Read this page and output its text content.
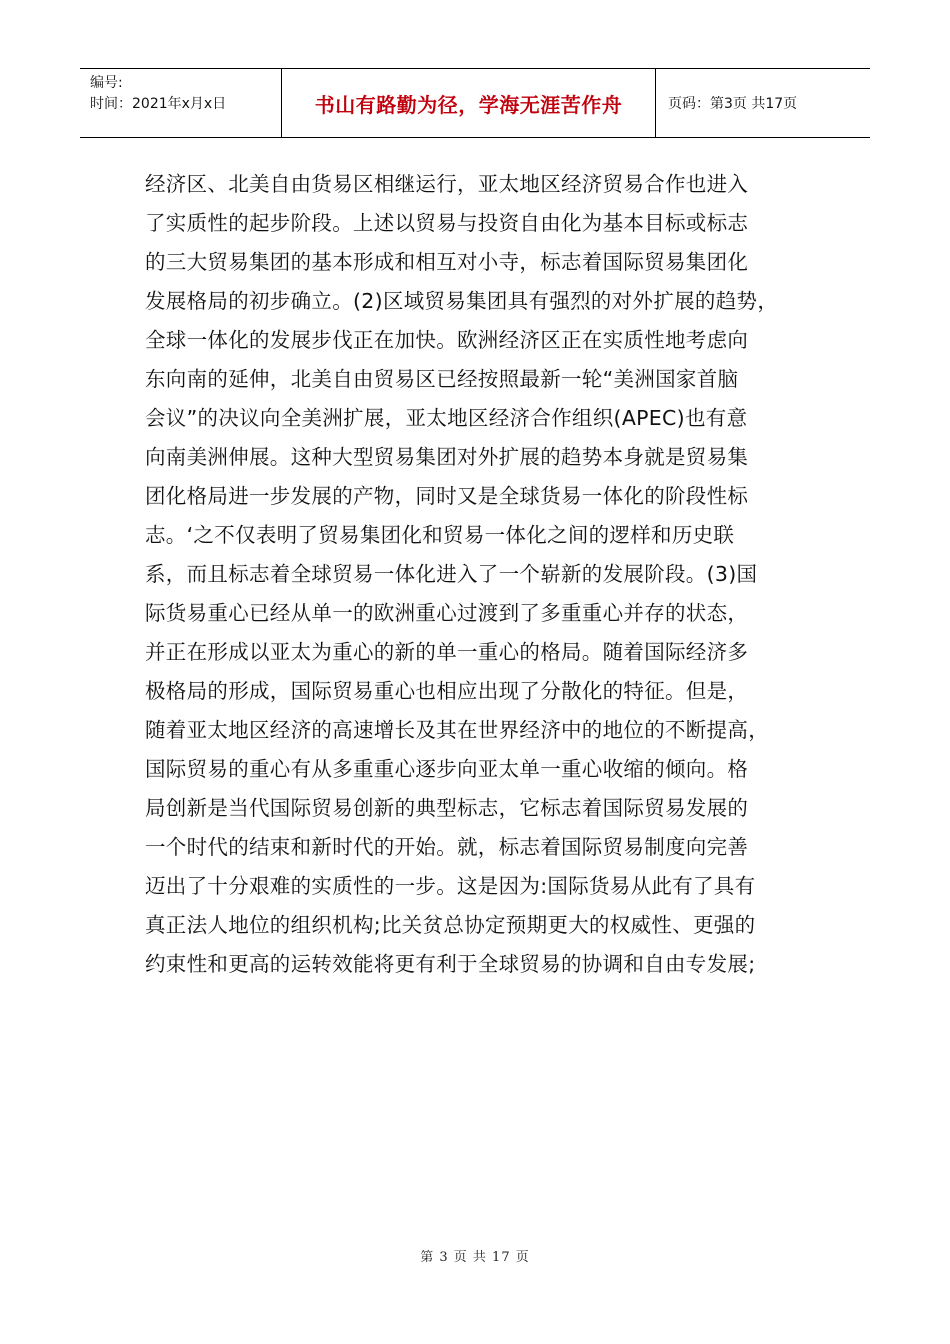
编号:
时间：2021年x月x日	书山有路勤为径，学海无涯苦作舟	页码：第3页 共17页
经济区、北美自由货易区相继运行，亚太地区经济贸易合作也进入
了实质性的起步阶段。上述以贸易与投资自由化为基本目标或标志
的三大贸易集团的基本形成和相互对小寺，标志着国际贸易集团化
发展格局的初步确立。(2)区域贸易集团具有强烈的对外扩展的趋势，
全球一体化的发展步伐正在加快。欧洲经济区正在实质性地考虑向
东向南的延伸，北美自由贸易区已经按照最新一轮“美洲国家首脑
会议”的决议向全美洲扩展，亚太地区经济合作组织(APEC)也有意
向南美洲伸展。这种大型贸易集团对外扩展的趋势本身就是贸易集
团化格局进一步发展的产物，同时又是全球货易一体化的阶段性标
志。‘之不仅表明了贸易集团化和贸易一体化之间的逻样和历史联
系，而且标志着全球贸易一体化进入了一个崭新的发展阶段。(3)国
际货易重心已经从单一的欧洲重心过渡到了多重重心并存的状态，
并正在形成以亚太为重心的新的单一重心的格局。随着国际经济多
极格局的形成，国际贸易重心也相应出现了分散化的特征。但是，
随着亚太地区经济的高速增长及其在世界经济中的地位的不断提高，
国际贸易的重心有从多重重心逐步向亚太单一重心收缩的倾向。格
局创新是当代国际贸易创新的典型标志，它标志着国际贸易发展的
一个时代的结束和新时代的开始。就，标志着国际贸易制度向完善
迈出了十分艰难的实质性的一步。这是因为:国际货易从此有了具有
真正法人地位的组织机构;比关贫总协定预期更大的权威性、更强的
约束性和更高的运转效能将更有利于全球贸易的协调和自由专发展;
第 3 页 共 17 页
